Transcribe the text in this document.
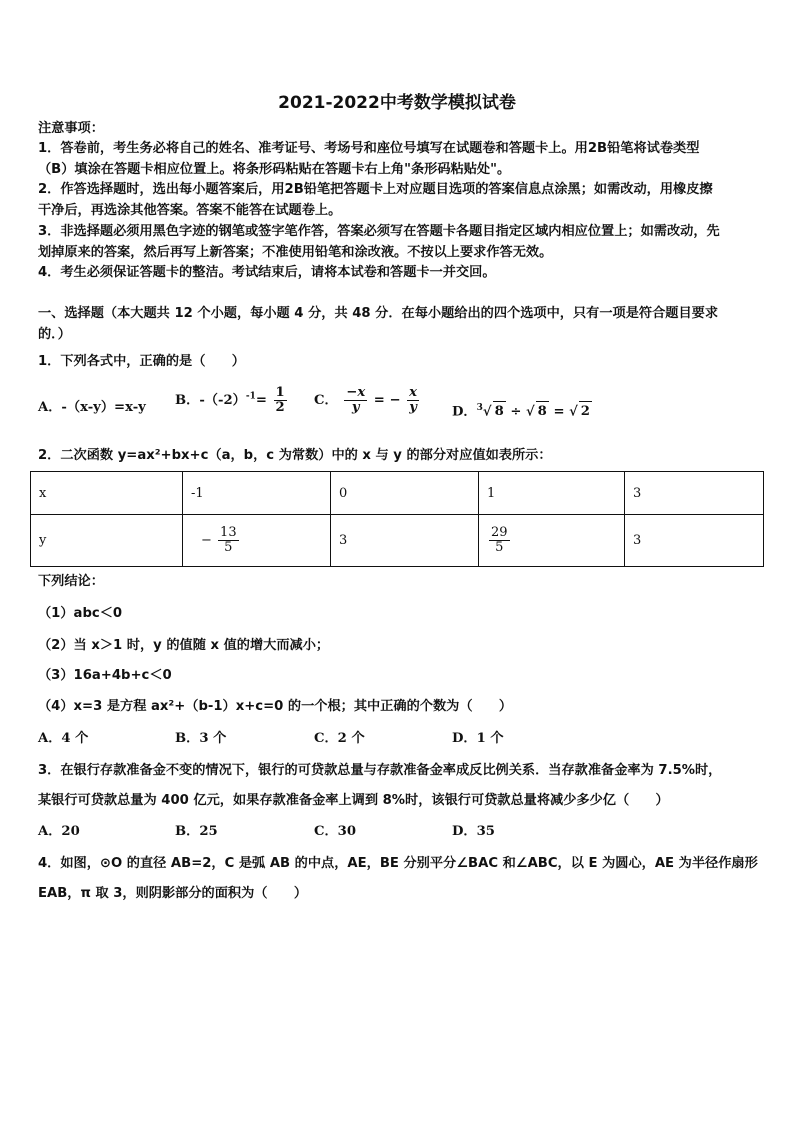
2021-2022中考数学模拟试卷
注意事项：
1．答卷前，考生务必将自己的姓名、准考证号、考场号和座位号填写在试题卷和答题卡上。用2B铅笔将试卷类型
（B）填涂在答题卡相应位置上。将条形码粘贴在答题卡右上角"条形码粘贴处"。
2．作答选择题时，选出每小题答案后，用2B铅笔把答题卡上对应题目选项的答案信息点涂黑；如需改动，用橡皮擦
干净后，再选涂其他答案。答案不能答在试题卷上。
3．非选择题必须用黑色字迹的钢笔或签字笔作答，答案必须写在答题卡各题目指定区域内相应位置上；如需改动，先
划掉原来的答案，然后再写上新答案；不准使用铅笔和涂改液。不按以上要求作答无效。
4．考生必须保证答题卡的整洁。考试结束后，请将本试卷和答题卡一并交回。
一、选择题（本大题共 12 个小题，每小题 4 分，共 48 分．在每小题给出的四个选项中，只有一项是符合题目要求
的．）
1．下列各式中，正确的是（　　）
A．-（x-y）=x-y B．$-(-2)^{-1}= \frac{1}{2}$ C． $\frac{-x}{y}$ = − $\frac{x}{y}$	D．$^3$√ 8 ÷ √ 8 = √ 2
2．二次函数 y=ax²+bx+c（a，b，c 为常数）中的 x 与 y 的部分对应值如表所示：
x	-1	0	1	3
y	− $\frac{13}{5}$	3	$\frac{29}{5}$	3
下列结论：
（1）abc＜0
（2）当 x＞1 时，y 的值随 x 值的增大而减小；
（3）16a+4b+c＜0
（4）x=3 是方程 ax²+（b-1）x+c=0 的一个根；其中正确的个数为（　　）
A．4 个	B．3 个	C．2 个	D．1 个
3．在银行存款准备金不变的情况下，银行的可贷款总量与存款准备金率成反比例关系．当存款准备金率为 7.5%时，
某银行可贷款总量为 400 亿元，如果存款准备金率上调到 8%时，该银行可贷款总量将减少多少亿（　　）
A．20	B．25	C．30	D．35
4．如图，⊙O 的直径 AB=2，C 是弧 AB 的中点，AE，BE 分别平分∠BAC 和∠ABC，以 E 为圆心，AE 为半径作扇形
EAB，π 取 3，则阴影部分的面积为（　　）
